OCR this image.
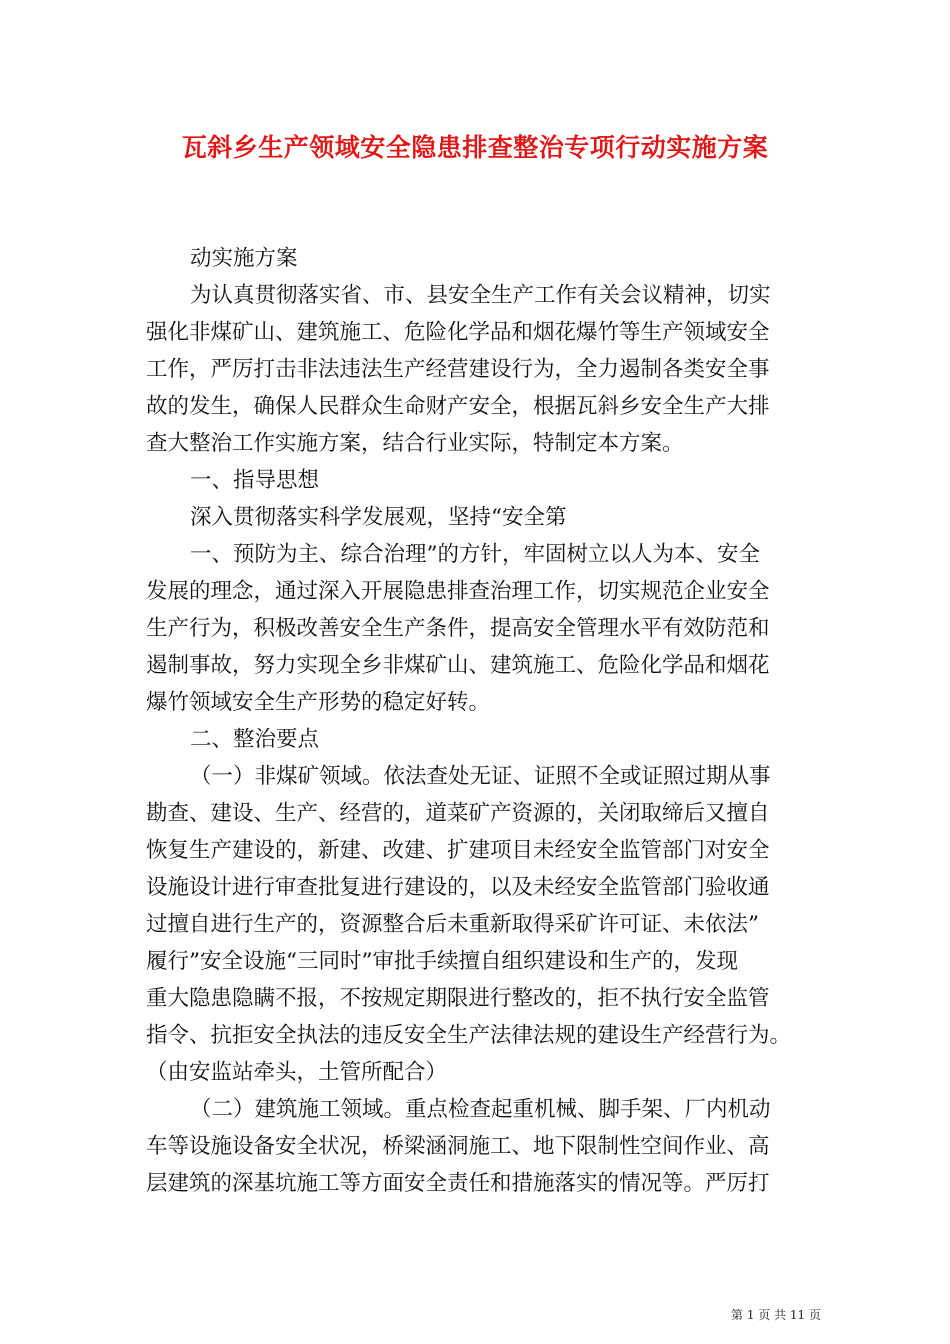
瓦斜乡生产领域安全隐患排查整治专项行动实施方案

动实施方案

为认真贯彻落实省、市、县安全生产工作有关会议精神，切实

强化非煤矿山、建筑施工、危险化学品和烟花爆竹等生产领域安全

工作，严厉打击非法违法生产经营建设行为，全力遏制各类安全事

故的发生，确保人民群众生命财产安全，根据瓦斜乡安全生产大排

查大整治工作实施方案，结合行业实际，特制定本方案。

一、指导思想

深入贯彻落实科学发展观，坚持“安全第

一、预防为主、综合治理”的方针，牢固树立以人为本、安全

发展的理念，通过深入开展隐患排查治理工作，切实规范企业安全

生产行为，积极改善安全生产条件，提高安全管理水平有效防范和

遏制事故，努力实现全乡非煤矿山、建筑施工、危险化学品和烟花

爆竹领域安全生产形势的稳定好转。

二、整治要点

（一）非煤矿领域。依法查处无证、证照不全或证照过期从事

勘查、建设、生产、经营的，道菜矿产资源的，关闭取缔后又擅自

恢复生产建设的，新建、改建、扩建项目未经安全监管部门对安全

设施设计进行审查批复进行建设的，以及未经安全监管部门验收通

过擅自进行生产的，资源整合后未重新取得采矿许可证、未依法”

履行”安全设施“三同时”审批手续擅自组织建设和生产的，发现

重大隐患隐瞒不报，不按规定期限进行整改的，拒不执行安全监管

指令、抗拒安全执法的违反安全生产法律法规的建设生产经营行为。

（由安监站牵头，土管所配合）

（二）建筑施工领域。重点检查起重机械、脚手架、厂内机动

车等设施设备安全状况，桥梁涵洞施工、地下限制性空间作业、高

层建筑的深基坑施工等方面安全责任和措施落实的情况等。严厉打

第 1 页 共 11 页
